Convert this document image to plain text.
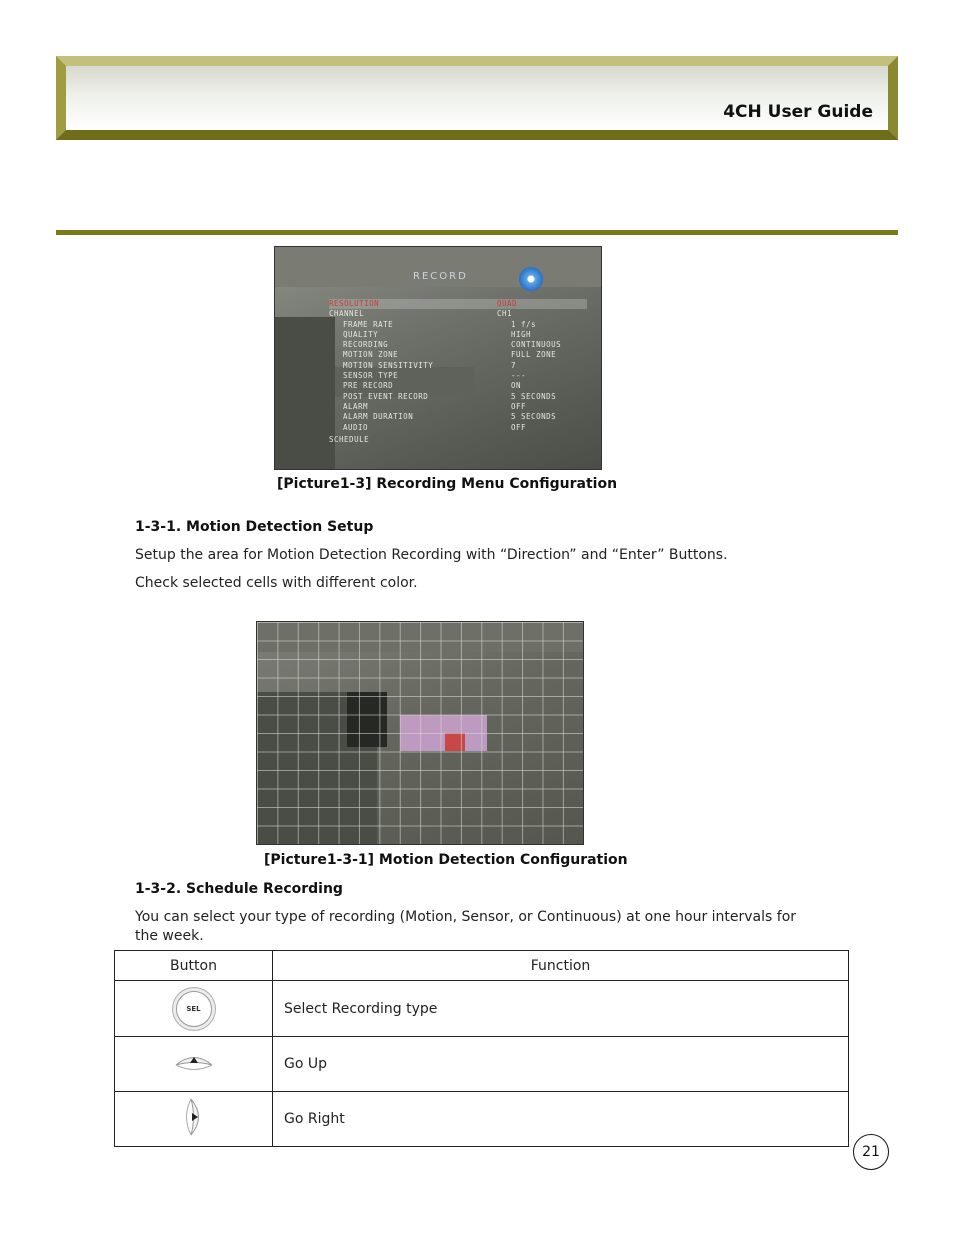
4CH User Guide
RECORD
RESOLUTION	QUAD
CHANNEL	CH1
FRAME RATE	1 f/s
QUALITY	HIGH
RECORDING	CONTINUOUS
MOTION ZONE	FULL ZONE
MOTION SENSITIVITY	7
SENSOR TYPE	---
PRE RECORD	ON
POST EVENT RECORD	5 SECONDS
ALARM	OFF
ALARM DURATION	5 SECONDS
AUDIO	OFF
SCHEDULE
[Picture1-3] Recording Menu Configuration
1-3-1. Motion Detection Setup
Setup the area for Motion Detection Recording with “Direction” and “Enter” Buttons.
Check selected cells with different color.
[Picture1-3-1] Motion Detection Configuration
1-3-2. Schedule Recording
You can select your type of recording (Motion, Sensor, or Continuous) at one hour intervals for the week.
Button	Function
SEL	Select Recording type
	Go Up
	Go Right
21
